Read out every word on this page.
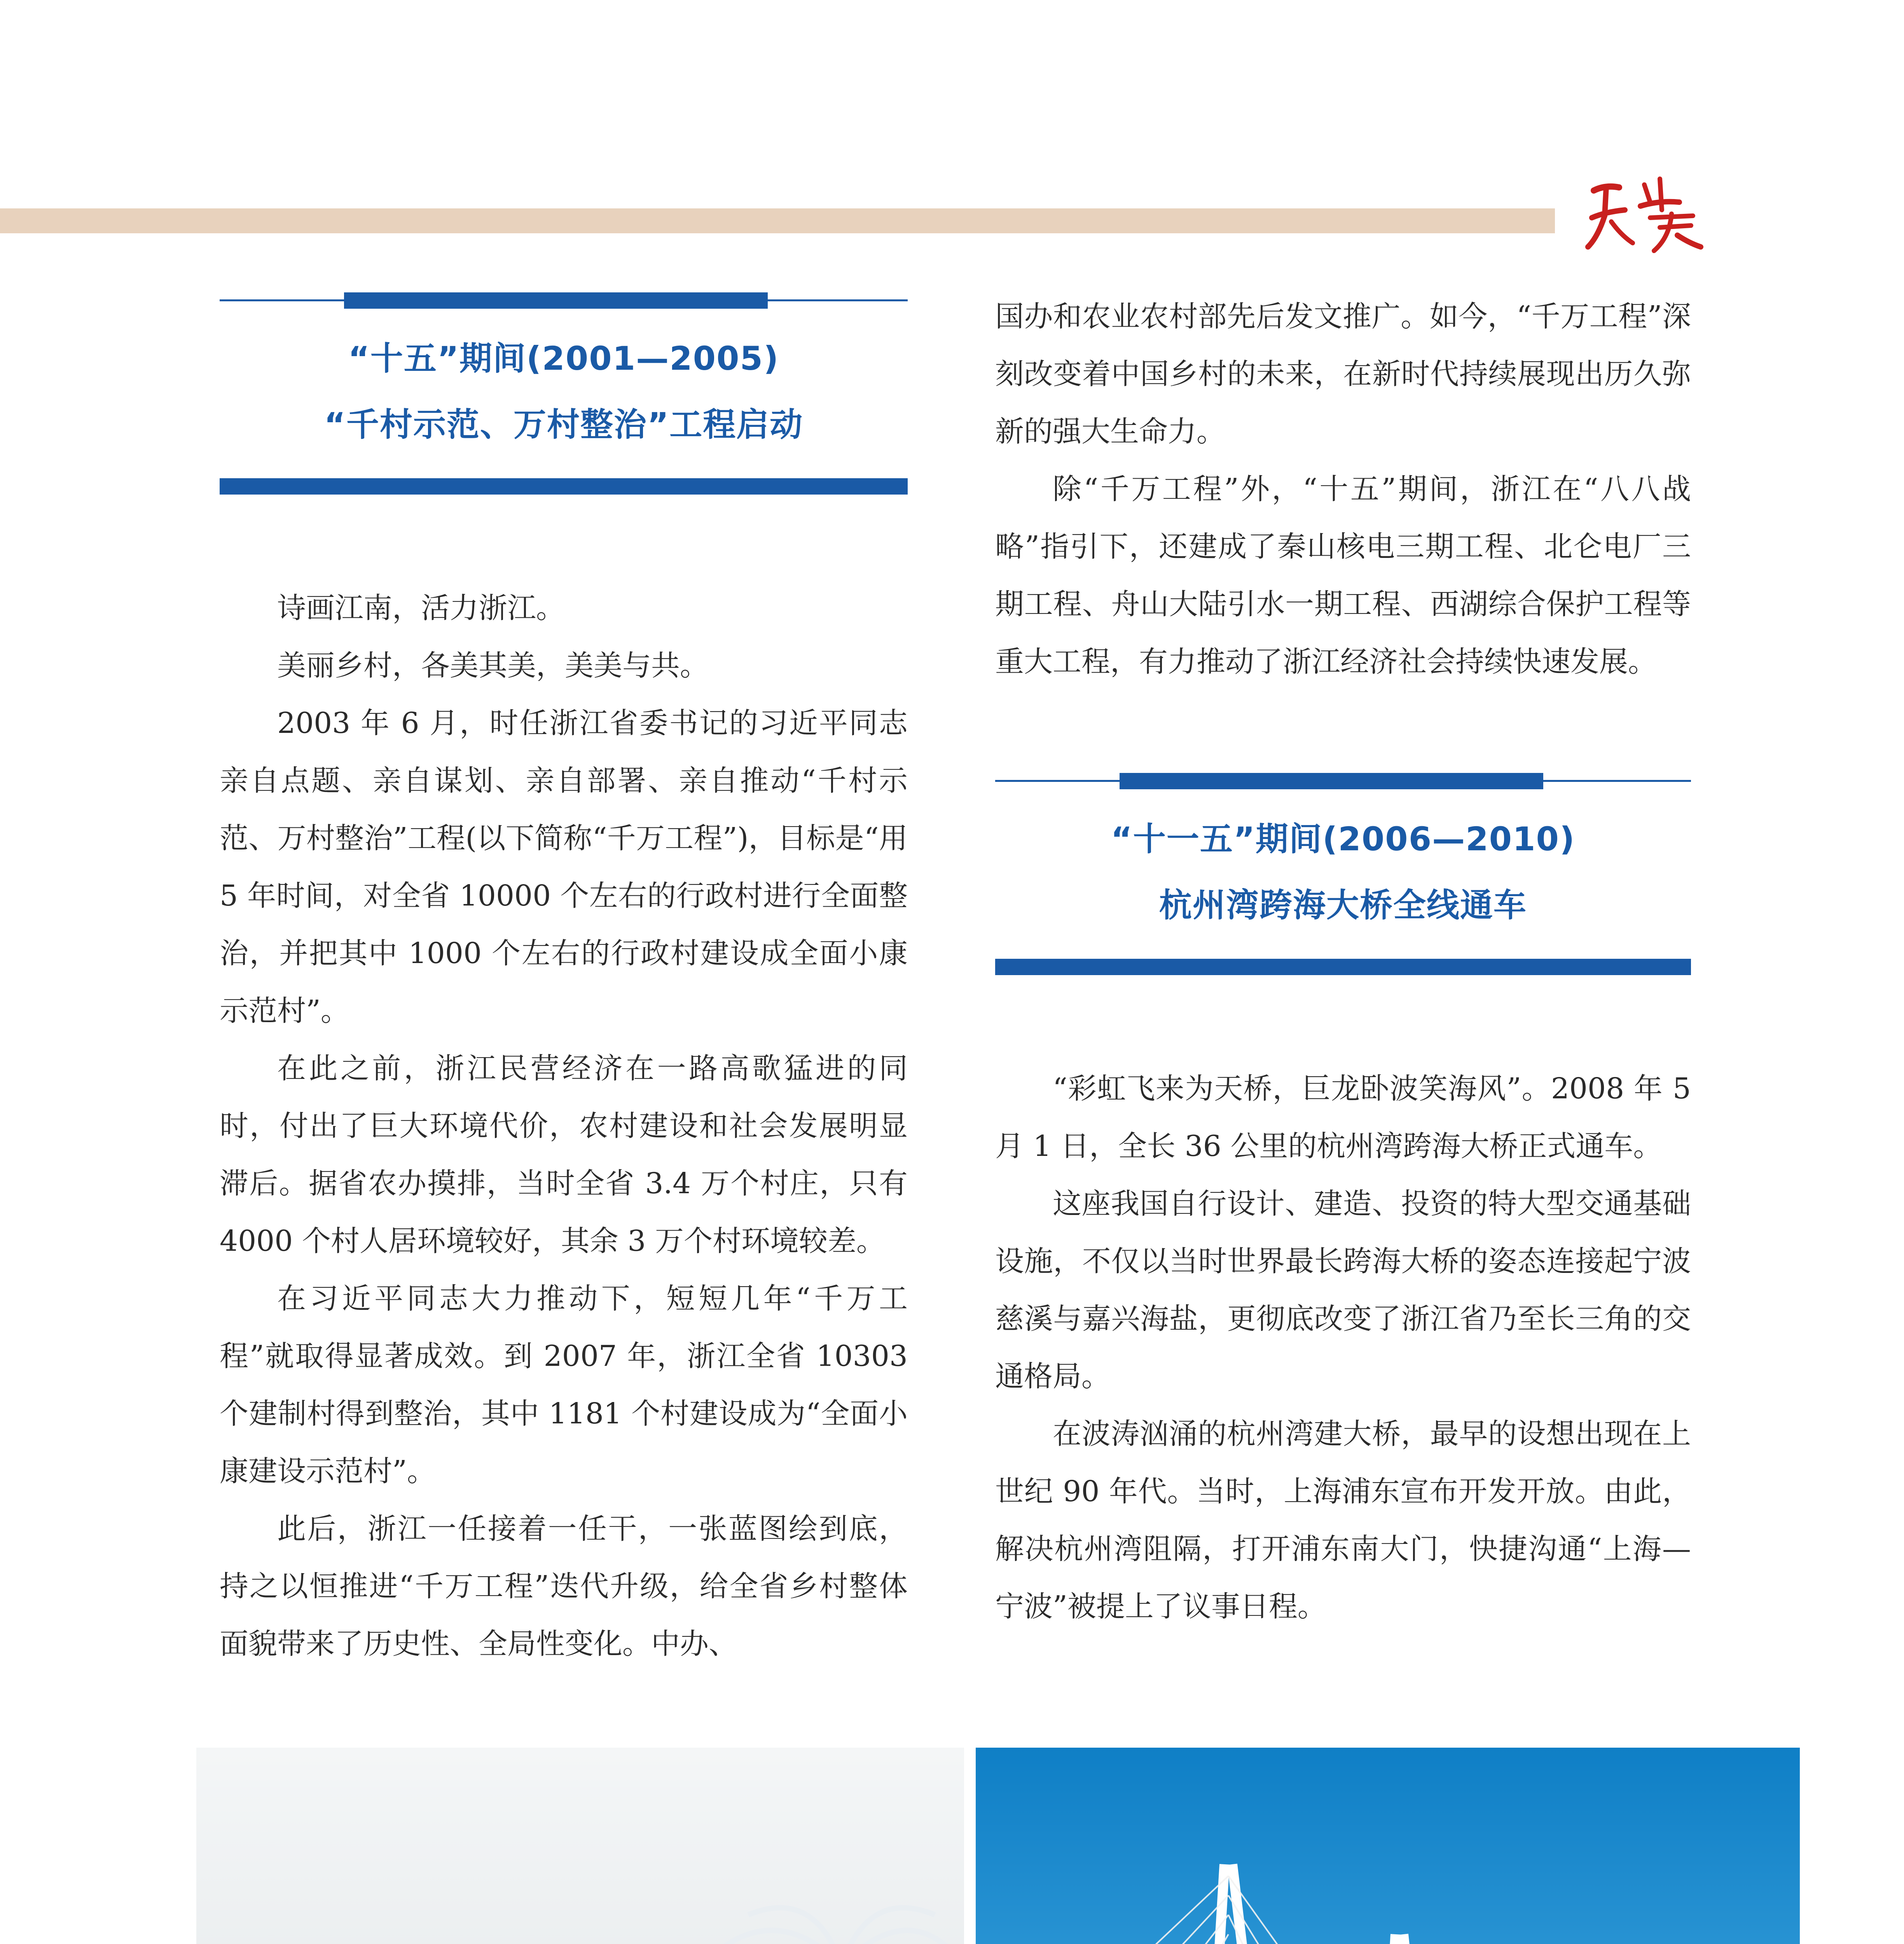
“十五”期间(2001—2005)
“千村示范、万村整治”工程启动

诗画江南，活力浙江。

美丽乡村，各美其美，美美与共。

2003 年 6 月，时任浙江省委书记的习近平同志亲自点题、亲自谋划、亲自部署、亲自推动“千村示范、万村整治”工程(以下简称“千万工程”)，目标是“用 5 年时间，对全省 10000 个左右的行政村进行全面整治，并把其中 1000 个左右的行政村建设成全面小康示范村”。

在此之前，浙江民营经济在一路高歌猛进的同时，付出了巨大环境代价，农村建设和社会发展明显滞后。据省农办摸排，当时全省 3.4 万个村庄，只有 4000 个村人居环境较好，其余 3 万个村环境较差。

在习近平同志大力推动下，短短几年“千万工程”就取得显著成效。到 2007 年，浙江全省 10303 个建制村得到整治，其中 1181 个村建设成为“全面小康建设示范村”。

此后，浙江一任接着一任干，一张蓝图绘到底，持之以恒推进“千万工程”迭代升级，给全省乡村整体面貌带来了历史性、全局性变化。中办、

国办和农业农村部先后发文推广。如今，“千万工程”深刻改变着中国乡村的未来，在新时代持续展现出历久弥新的强大生命力。

除“千万工程”外，“十五”期间，浙江在“八八战略”指引下，还建成了秦山核电三期工程、北仑电厂三期工程、舟山大陆引水一期工程、西湖综合保护工程等重大工程，有力推动了浙江经济社会持续快速发展。

“十一五”期间(2006—2010)
杭州湾跨海大桥全线通车

“彩虹飞来为天桥，巨龙卧波笑海风”。2008 年 5 月 1 日，全长 36 公里的杭州湾跨海大桥正式通车。

这座我国自行设计、建造、投资的特大型交通基础设施，不仅以当时世界最长跨海大桥的姿态连接起宁波慈溪与嘉兴海盐，更彻底改变了浙江省乃至长三角的交通格局。

在波涛汹涌的杭州湾建大桥，最早的设想出现在上世纪 90 年代。当时，上海浦东宣布开发开放。由此，解决杭州湾阻隔，打开浦东南大门，快捷沟通“上海—宁波”被提上了议事日程。
